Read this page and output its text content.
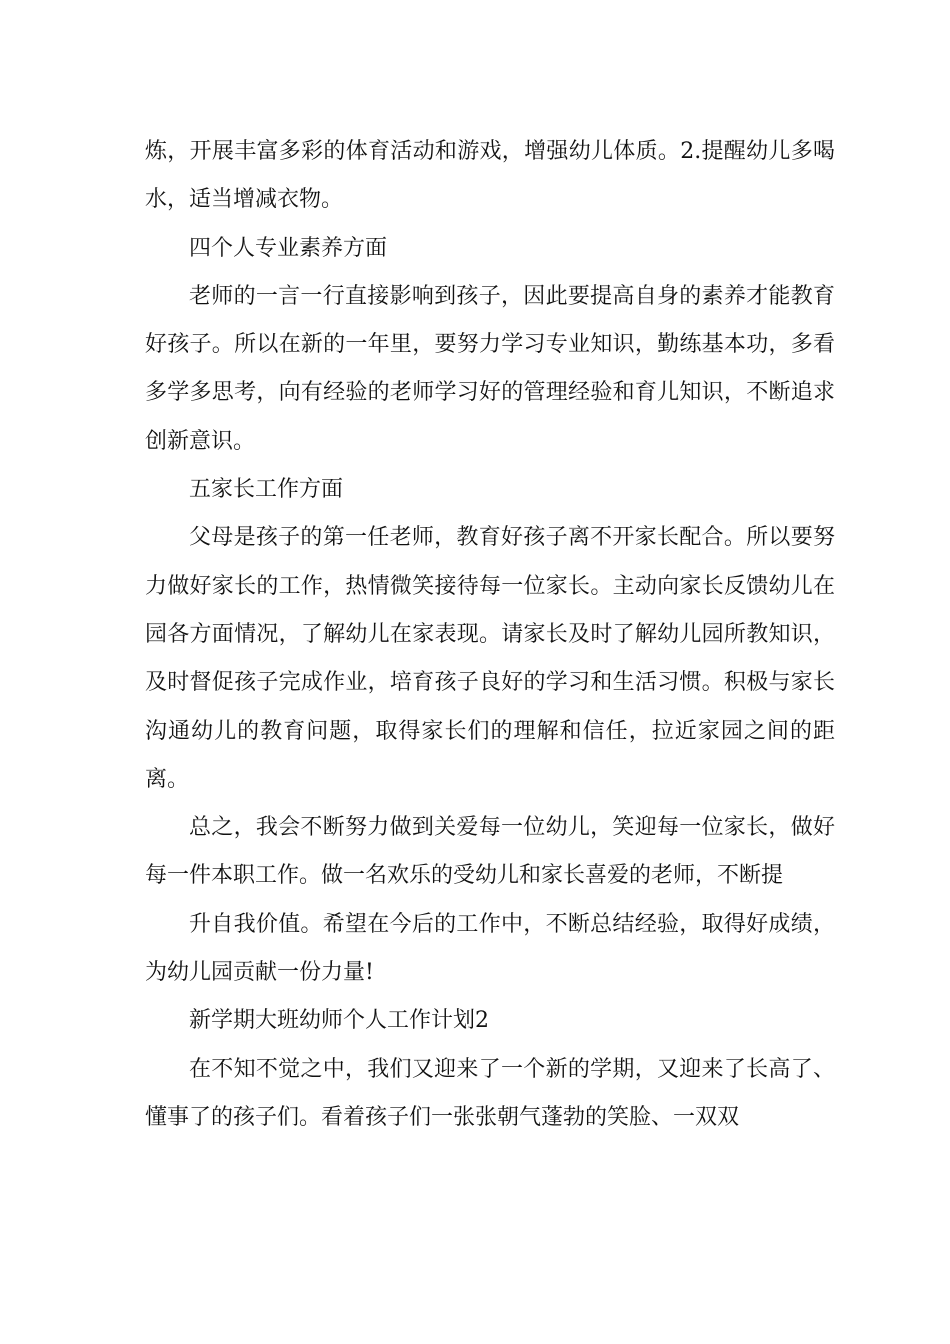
炼，开展丰富多彩的体育活动和游戏，增强幼儿体质。2.提醒幼儿多喝水，适当增减衣物。

四个人专业素养方面

老师的一言一行直接影响到孩子，因此要提高自身的素养才能教育好孩子。所以在新的一年里，要努力学习专业知识，勤练基本功，多看多学多思考，向有经验的老师学习好的管理经验和育儿知识，不断追求创新意识。

五家长工作方面

父母是孩子的第一任老师，教育好孩子离不开家长配合。所以要努力做好家长的工作，热情微笑接待每一位家长。主动向家长反馈幼儿在园各方面情况，了解幼儿在家表现。请家长及时了解幼儿园所教知识，及时督促孩子完成作业，培育孩子良好的学习和生活习惯。积极与家长沟通幼儿的教育问题，取得家长们的理解和信任，拉近家园之间的距离。

总之，我会不断努力做到关爱每一位幼儿，笑迎每一位家长，做好每一件本职工作。做一名欢乐的受幼儿和家长喜爱的老师，不断提

升自我价值。希望在今后的工作中，不断总结经验，取得好成绩，为幼儿园贡献一份力量!

新学期大班幼师个人工作计划2

在不知不觉之中，我们又迎来了一个新的学期，又迎来了长高了、懂事了的孩子们。看着孩子们一张张朝气蓬勃的笑脸、一双双
